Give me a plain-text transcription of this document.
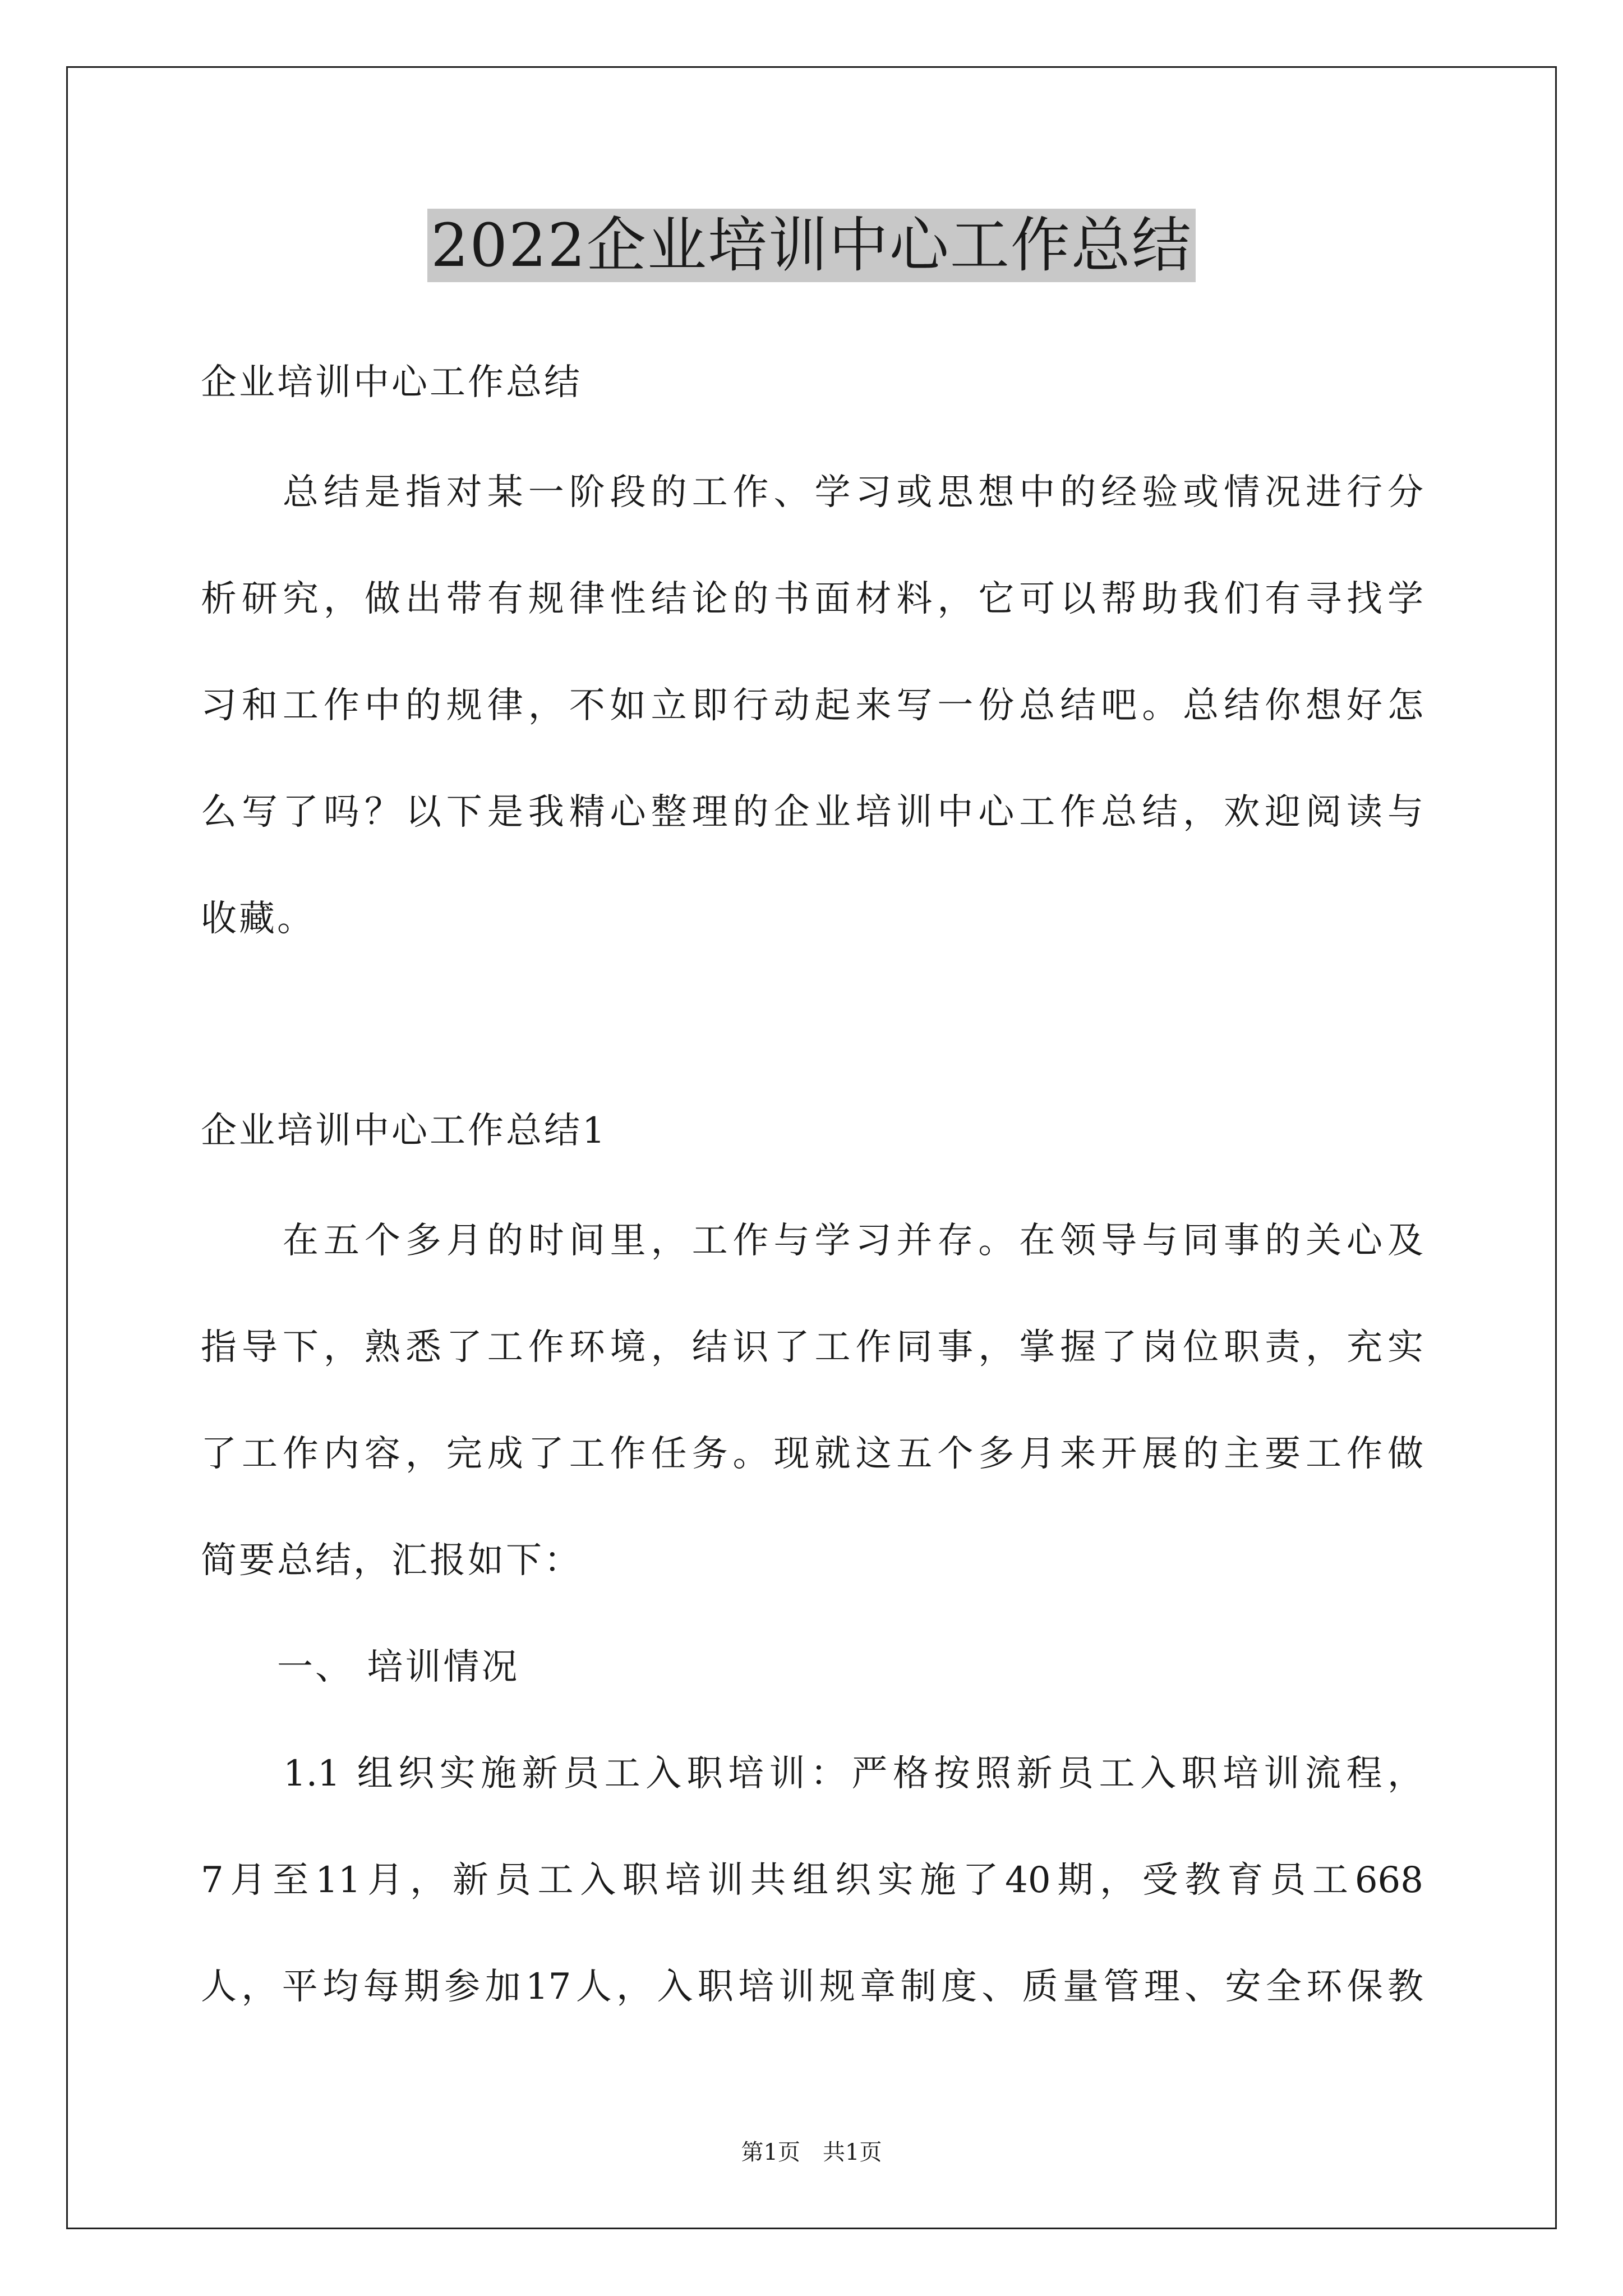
2022企业培训中心工作总结
企业培训中心工作总结
　　总结是指对某一阶段的工作、学习或思想中的经验或情况进行分
析研究，做出带有规律性结论的书面材料，它可以帮助我们有寻找学
习和工作中的规律，不如立即行动起来写一份总结吧。总结你想好怎
么写了吗？以下是我精心整理的企业培训中心工作总结，欢迎阅读与
收藏。
企业培训中心工作总结1
　　在五个多月的时间里，工作与学习并存。在领导与同事的关心及
指导下，熟悉了工作环境，结识了工作同事，掌握了岗位职责，充实
了工作内容，完成了工作任务。现就这五个多月来开展的主要工作做
简要总结，汇报如下：
　　一、 培训情况
　　1.1 组织实施新员工入职培训：严格按照新员工入职培训流程，
7月至11月，新员工入职培训共组织实施了40期，受教育员工668
人，平均每期参加17人，入职培训规章制度、质量管理、安全环保教
第1页　共1页
